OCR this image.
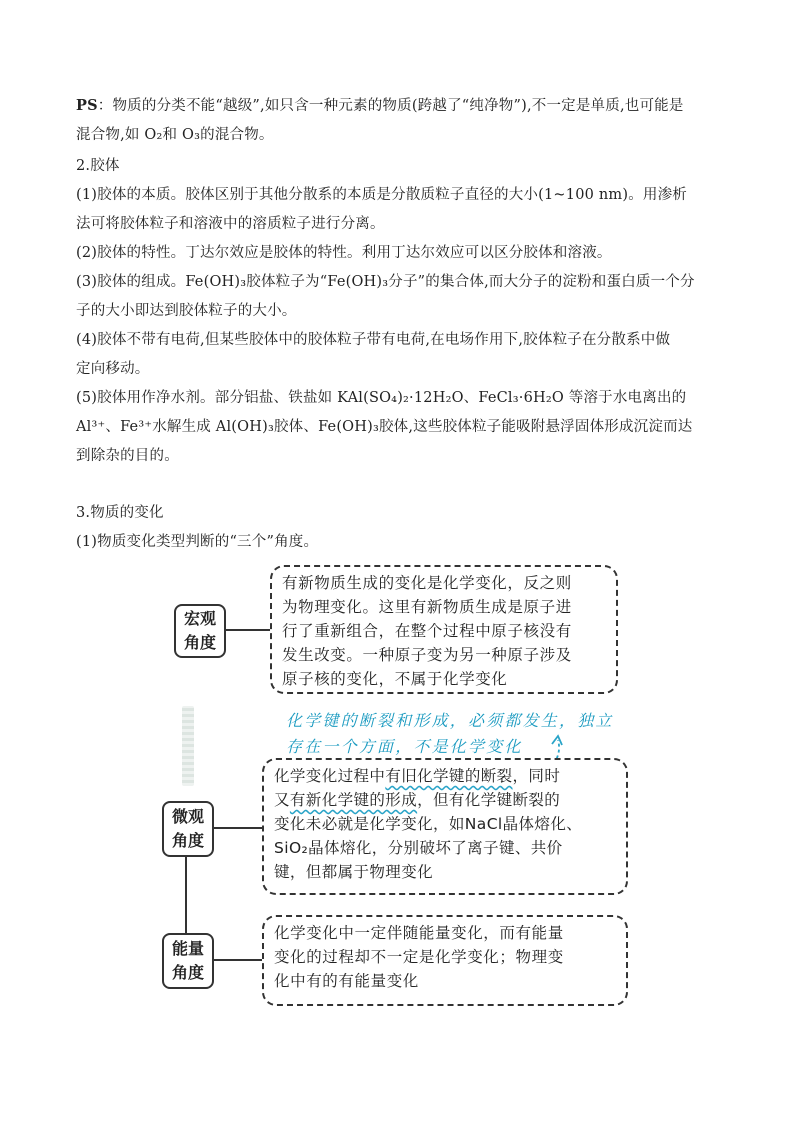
PS：物质的分类不能“越级”,如只含一种元素的物质(跨越了“纯净物”),不一定是单质,也可能是
混合物,如 O₂和 O₃的混合物。
2.胶体
(1)胶体的本质。胶体区别于其他分散系的本质是分散质粒子直径的大小(1~100 nm)。用渗析
法可将胶体粒子和溶液中的溶质粒子进行分离。
(2)胶体的特性。丁达尔效应是胶体的特性。利用丁达尔效应可以区分胶体和溶液。
(3)胶体的组成。Fe(OH)₃胶体粒子为“Fe(OH)₃分子”的集合体,而大分子的淀粉和蛋白质一个分
子的大小即达到胶体粒子的大小。
(4)胶体不带有电荷,但某些胶体中的胶体粒子带有电荷,在电场作用下,胶体粒子在分散系中做
定向移动。
(5)胶体用作净水剂。部分铝盐、铁盐如 KAl(SO₄)₂·12H₂O、FeCl₃·6H₂O 等溶于水电离出的
Al³⁺、Fe³⁺水解生成 Al(OH)₃胶体、Fe(OH)₃胶体,这些胶体粒子能吸附悬浮固体形成沉淀而达
到除杂的目的。
3.物质的变化
(1)物质变化类型判断的“三个”角度。
宏观
角度
有新物质生成的变化是化学变化，反之则
为物理变化。这里有新物质生成是原子进
行了重新组合，在整个过程中原子核没有
发生改变。一种原子变为另一种原子涉及
原子核的变化，不属于化学变化
化学键的断裂和形成，必须都发生，独立
存在一个方面，不是化学变化
微观
角度
化学变化过程中有旧化学键的断裂，同时
又有新化学键的形成，但有化学键断裂的
变化未必就是化学变化，如NaCl晶体熔化、
SiO₂晶体熔化，分别破坏了离子键、共价
键，但都属于物理变化
能量
角度
化学变化中一定伴随能量变化，而有能量
变化的过程却不一定是化学变化；物理变
化中有的有能量变化
